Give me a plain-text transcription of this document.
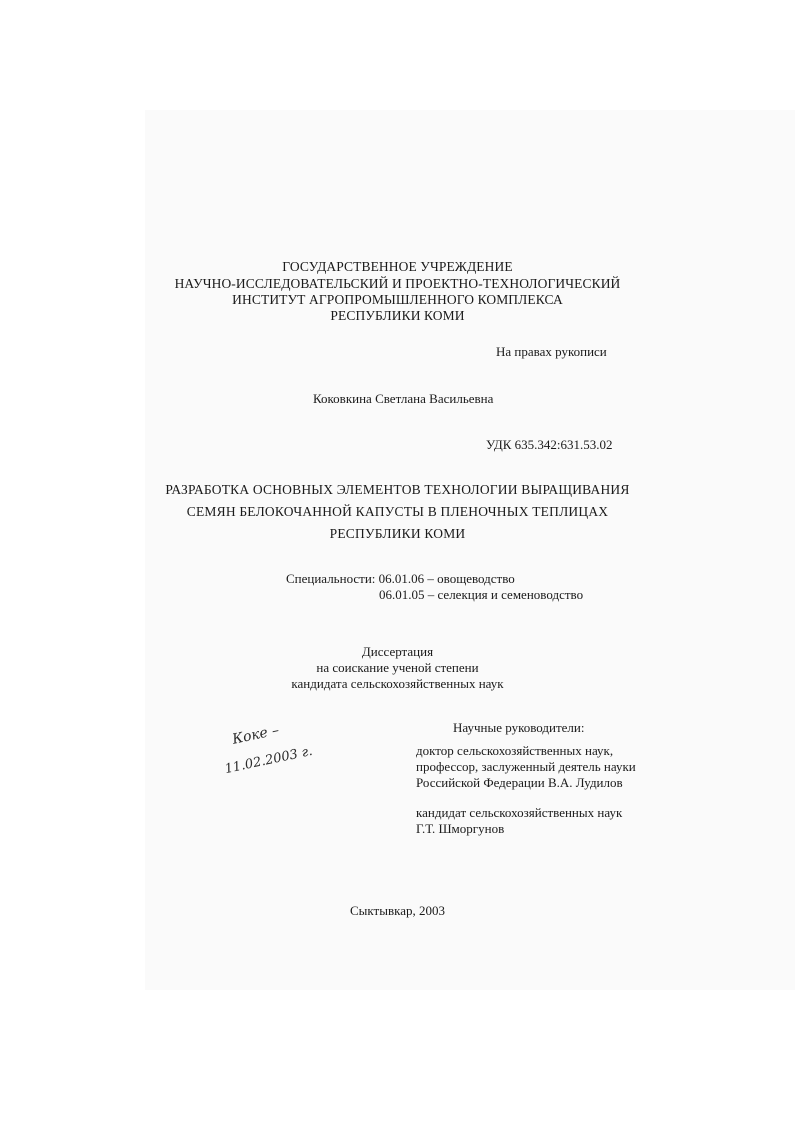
ГОСУДАРСТВЕННОЕ УЧРЕЖДЕНИЕ
НАУЧНО-ИССЛЕДОВАТЕЛЬСКИЙ И ПРОЕКТНО-ТЕХНОЛОГИЧЕСКИЙ
ИНСТИТУТ АГРОПРОМЫШЛЕННОГО КОМПЛЕКСА
РЕСПУБЛИКИ КОМИ
На правах рукописи
Коковкина Светлана Васильевна
УДК 635.342:631.53.02
РАЗРАБОТКА ОСНОВНЫХ ЭЛЕМЕНТОВ ТЕХНОЛОГИИ ВЫРАЩИВАНИЯ
СЕМЯН БЕЛОКОЧАННОЙ КАПУСТЫ В ПЛЕНОЧНЫХ ТЕПЛИЦАХ
РЕСПУБЛИКИ КОМИ
Специальности: 06.01.06 – овощеводство
06.01.05 – селекция и семеноводство
Диссертация
на соискание ученой степени
кандидата сельскохозяйственных наук
Коке –
11.02.2003 г.
Научные руководители:
доктор сельскохозяйственных наук,
профессор, заслуженный деятель науки
Российской Федерации В.А. Лудилов
кандидат сельскохозяйственных наук
Г.Т. Шморгунов
Сыктывкар, 2003
